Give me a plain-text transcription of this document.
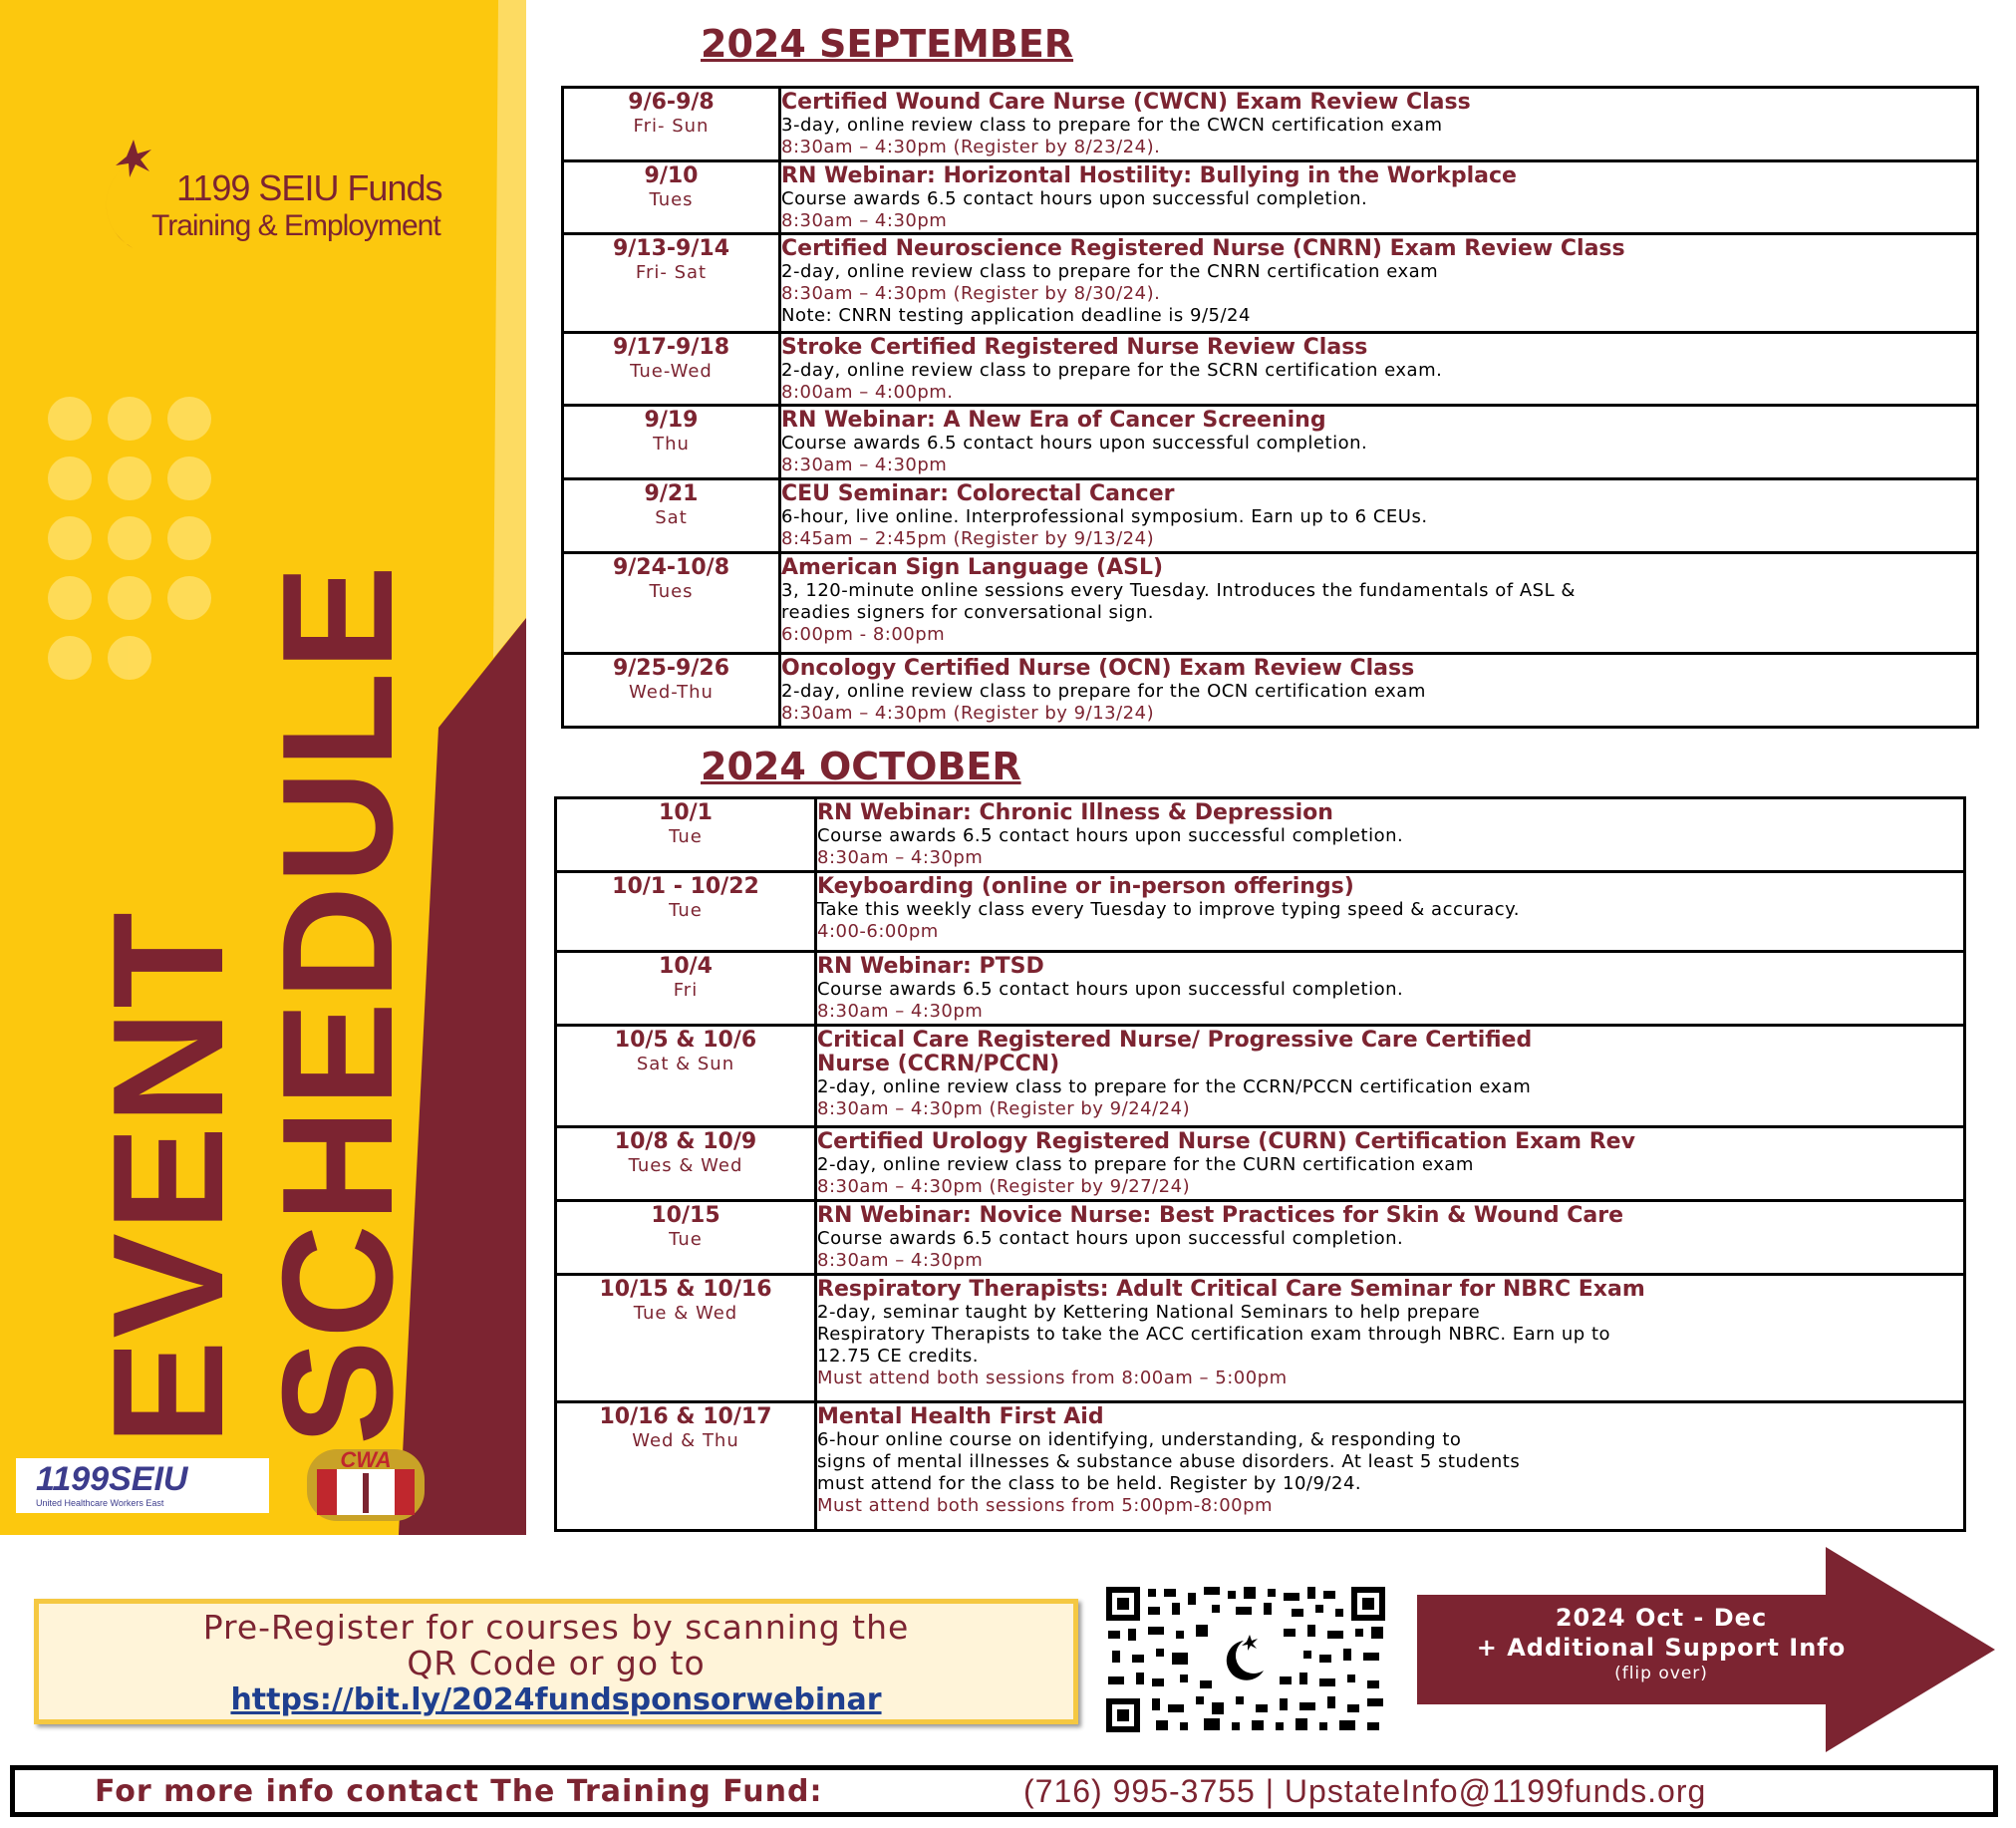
1199 SEIU Funds
Training & Employment
EVENT
SCHEDULE
1199SEIU
United Healthcare Workers East
CWA
2024 SEPTEMBER
9/6-9/8
Fri- Sun	Certified Wound Care Nurse (CWCN) Exam Review Class
3-day, online review class to prepare for the CWCN certification exam
8:30am – 4:30pm (Register by 8/23/24).

9/10
Tues	RN Webinar: Horizontal Hostility: Bullying in the Workplace
Course awards 6.5 contact hours upon successful completion.
8:30am – 4:30pm

9/13-9/14
Fri- Sat	Certified Neuroscience Registered Nurse (CNRN) Exam Review Class
2-day, online review class to prepare for the CNRN certification exam
8:30am – 4:30pm (Register by 8/30/24).
Note: CNRN testing application deadline is 9/5/24

9/17-9/18
Tue-Wed	Stroke Certified Registered Nurse Review Class
2-day, online review class to prepare for the SCRN certification exam.
8:00am – 4:00pm.

9/19
Thu	RN Webinar: A New Era of Cancer Screening
Course awards 6.5 contact hours upon successful completion.
8:30am – 4:30pm

9/21
Sat	CEU Seminar: Colorectal Cancer
6-hour, live online. Interprofessional symposium. Earn up to 6 CEUs.
8:45am – 2:45pm (Register by 9/13/24)

9/24-10/8
Tues	American Sign Language (ASL)
3, 120-minute online sessions every Tuesday. Introduces the fundamentals of ASL &
readies signers for conversational sign.
6:00pm - 8:00pm

9/25-9/26
Wed-Thu	Oncology Certified Nurse (OCN) Exam Review Class
2-day, online review class to prepare for the OCN certification exam
8:30am – 4:30pm (Register by 9/13/24)
2024 OCTOBER
10/1
Tue	RN Webinar: Chronic Illness & Depression
Course awards 6.5 contact hours upon successful completion.
8:30am – 4:30pm

10/1 - 10/22
Tue	Keyboarding (online or in-person offerings)
Take this weekly class every Tuesday to improve typing speed & accuracy.
4:00-6:00pm

10/4
Fri	RN Webinar: PTSD
Course awards 6.5 contact hours upon successful completion.
8:30am – 4:30pm

10/5 & 10/6
Sat & Sun	Critical Care Registered Nurse/ Progressive Care Certified
Nurse (CCRN/PCCN)
2-day, online review class to prepare for the CCRN/PCCN certification exam
8:30am – 4:30pm (Register by 9/24/24)

10/8 & 10/9
Tues & Wed	Certified Urology Registered Nurse (CURN) Certification Exam Rev
2-day, online review class to prepare for the CURN certification exam
8:30am – 4:30pm (Register by 9/27/24)

10/15
Tue	RN Webinar: Novice Nurse: Best Practices for Skin & Wound Care
Course awards 6.5 contact hours upon successful completion.
8:30am – 4:30pm

10/15 & 10/16
Tue & Wed	Respiratory Therapists: Adult Critical Care Seminar for NBRC Exam
2-day, seminar taught by Kettering National Seminars to help prepare
Respiratory Therapists to take the ACC certification exam through NBRC. Earn up to
12.75 CE credits.
Must attend both sessions from 8:00am – 5:00pm

10/16 & 10/17
Wed & Thu	Mental Health First Aid
6-hour online course on identifying, understanding, & responding to
signs of mental illnesses & substance abuse disorders. At least 5 students
must attend for the class to be held. Register by 10/9/24.
Must attend both sessions from 5:00pm-8:00pm
Pre-Register for courses by scanning the
QR Code or go to
https://bit.ly/2024fundsponsorwebinar
2024 Oct - Dec
+ Additional Support Info
(flip over)
For more info contact The Training Fund:	(716) 995-3755 | UpstateInfo@1199funds.org
